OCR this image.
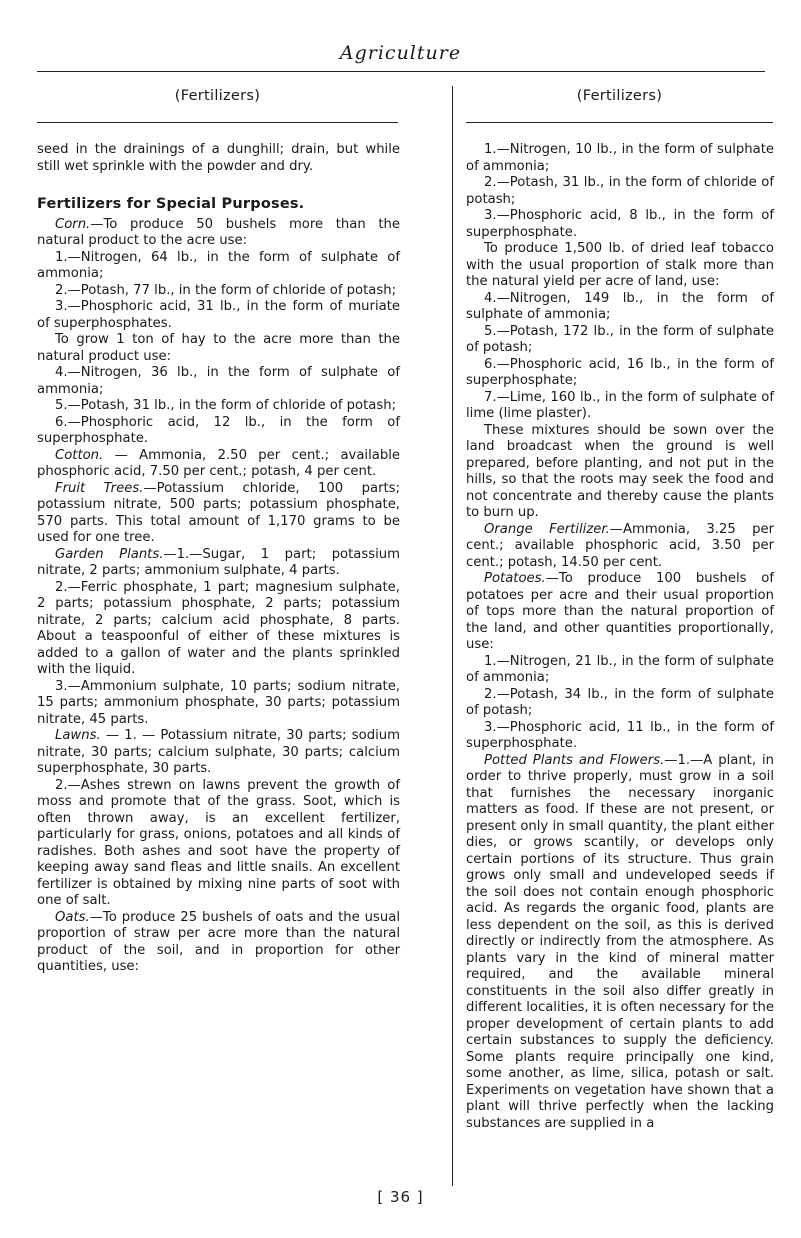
Agriculture
(Fertilizers)

seed in the drainings of a dunghill; drain, but while still wet sprinkle with the powder and dry.

Fertilizers for Special Purposes.

Corn.—To produce 50 bushels more than the natural product to the acre use:

1.—Nitrogen, 64 lb., in the form of sulphate of ammonia;

2.—Potash, 77 lb., in the form of chloride of potash;

3.—Phosphoric acid, 31 lb., in the form of muriate of superphosphates.

To grow 1 ton of hay to the acre more than the natural product use:

4.—Nitrogen, 36 lb., in the form of sulphate of ammonia;

5.—Potash, 31 lb., in the form of chloride of potash;

6.—Phosphoric acid, 12 lb., in the form of superphosphate.

Cotton. — Ammonia, 2.50 per cent.; available phosphoric acid, 7.50 per cent.; potash, 4 per cent.

Fruit Trees.—Potassium chloride, 100 parts; potassium nitrate, 500 parts; potassium phosphate, 570 parts. This total amount of 1,170 grams to be used for one tree.

Garden Plants.—1.—Sugar, 1 part; potassium nitrate, 2 parts; ammonium sulphate, 4 parts.

2.—Ferric phosphate, 1 part; magnesium sulphate, 2 parts; potassium phosphate, 2 parts; potassium nitrate, 2 parts; calcium acid phosphate, 8 parts. About a teaspoonful of either of these mixtures is added to a gallon of water and the plants sprinkled with the liquid.

3.—Ammonium sulphate, 10 parts; sodium nitrate, 15 parts; ammonium phosphate, 30 parts; potassium nitrate, 45 parts.

Lawns. — 1. — Potassium nitrate, 30 parts; sodium nitrate, 30 parts; calcium sulphate, 30 parts; calcium superphosphate, 30 parts.

2.—Ashes strewn on lawns prevent the growth of moss and promote that of the grass. Soot, which is often thrown away, is an excellent fertilizer, particularly for grass, onions, potatoes and all kinds of radishes. Both ashes and soot have the property of keeping away sand fleas and little snails. An excellent fertilizer is obtained by mixing nine parts of soot with one of salt.

Oats.—To produce 25 bushels of oats and the usual proportion of straw per acre more than the natural product of the soil, and in proportion for other quantities, use:

(Fertilizers)

1.—Nitrogen, 10 lb., in the form of sulphate of ammonia;

2.—Potash, 31 lb., in the form of chloride of potash;

3.—Phosphoric acid, 8 lb., in the form of superphosphate.

To produce 1,500 lb. of dried leaf tobacco with the usual proportion of stalk more than the natural yield per acre of land, use:

4.—Nitrogen, 149 lb., in the form of sulphate of ammonia;

5.—Potash, 172 lb., in the form of sulphate of potash;

6.—Phosphoric acid, 16 lb., in the form of superphosphate;

7.—Lime, 160 lb., in the form of sulphate of lime (lime plaster).

These mixtures should be sown over the land broadcast when the ground is well prepared, before planting, and not put in the hills, so that the roots may seek the food and not concentrate and thereby cause the plants to burn up.

Orange Fertilizer.—Ammonia, 3.25 per cent.; available phosphoric acid, 3.50 per cent.; potash, 14.50 per cent.

Potatoes.—To produce 100 bushels of potatoes per acre and their usual proportion of tops more than the natural proportion of the land, and other quantities proportionally, use:

1.—Nitrogen, 21 lb., in the form of sulphate of ammonia;

2.—Potash, 34 lb., in the form of sulphate of potash;

3.—Phosphoric acid, 11 lb., in the form of superphosphate.

Potted Plants and Flowers.—1.—A plant, in order to thrive properly, must grow in a soil that furnishes the necessary inorganic matters as food. If these are not present, or present only in small quantity, the plant either dies, or grows scantily, or develops only certain portions of its structure. Thus grain grows only small and undeveloped seeds if the soil does not contain enough phosphoric acid. As regards the organic food, plants are less dependent on the soil, as this is derived directly or indirectly from the atmosphere. As plants vary in the kind of mineral matter required, and the available mineral constituents in the soil also differ greatly in different localities, it is often necessary for the proper development of certain plants to add certain substances to supply the deficiency. Some plants require principally one kind, some another, as lime, silica, potash or salt. Experiments on vegetation have shown that a plant will thrive perfectly when the lacking substances are supplied in a

[ 36 ]
